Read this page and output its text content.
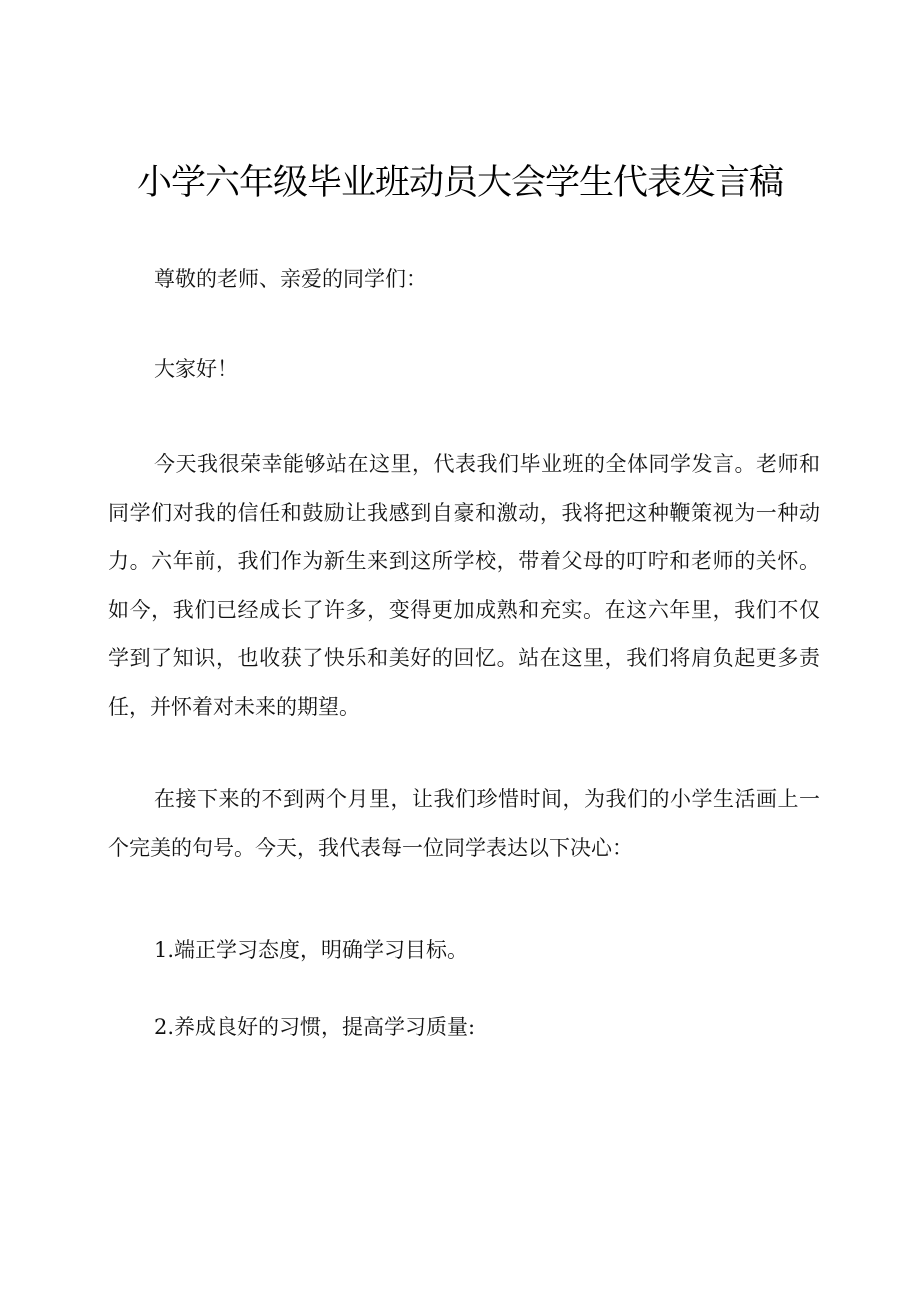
小学六年级毕业班动员大会学生代表发言稿

尊敬的老师、亲爱的同学们：

大家好！

今天我很荣幸能够站在这里，代表我们毕业班的全体同学发言。老师和同学们对我的信任和鼓励让我感到自豪和激动，我将把这种鞭策视为一种动力。六年前，我们作为新生来到这所学校，带着父母的叮咛和老师的关怀。如今，我们已经成长了许多，变得更加成熟和充实。在这六年里，我们不仅学到了知识，也收获了快乐和美好的回忆。站在这里，我们将肩负起更多责任，并怀着对未来的期望。

在接下来的不到两个月里，让我们珍惜时间，为我们的小学生活画上一个完美的句号。今天，我代表每一位同学表达以下决心：

1.端正学习态度，明确学习目标。

2.养成良好的习惯，提高学习质量:
